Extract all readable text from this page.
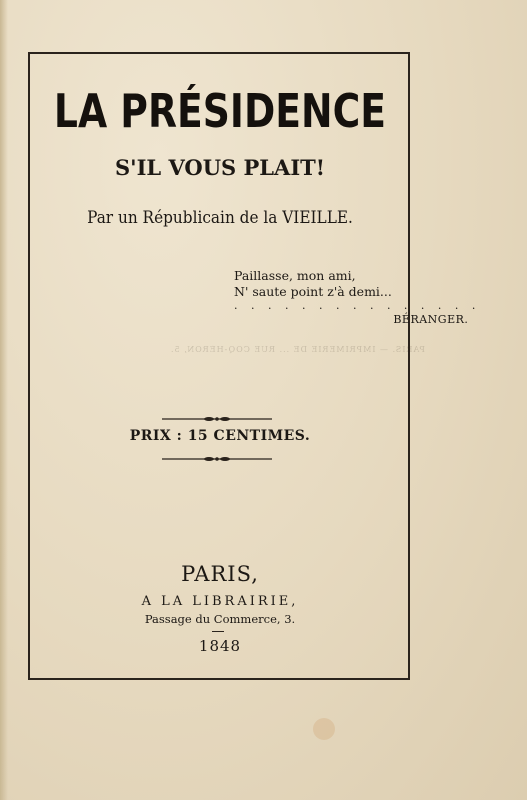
LA PRÉSIDENCE

S'IL VOUS PLAIT!

Par un Républicain de la VIEILLE.

Paillasse, mon ami,
N' saute point z'à demi...
. . . . . . . . . . . . . . .
BÉRANGER.
PARIS. — IMPRIMERIE DE ... RUE COQ-HÉRON, 5.

PRIX : 15 CENTIMES.

PARIS,

A LA LIBRAIRIE,

Passage du Commerce, 3.

1848
